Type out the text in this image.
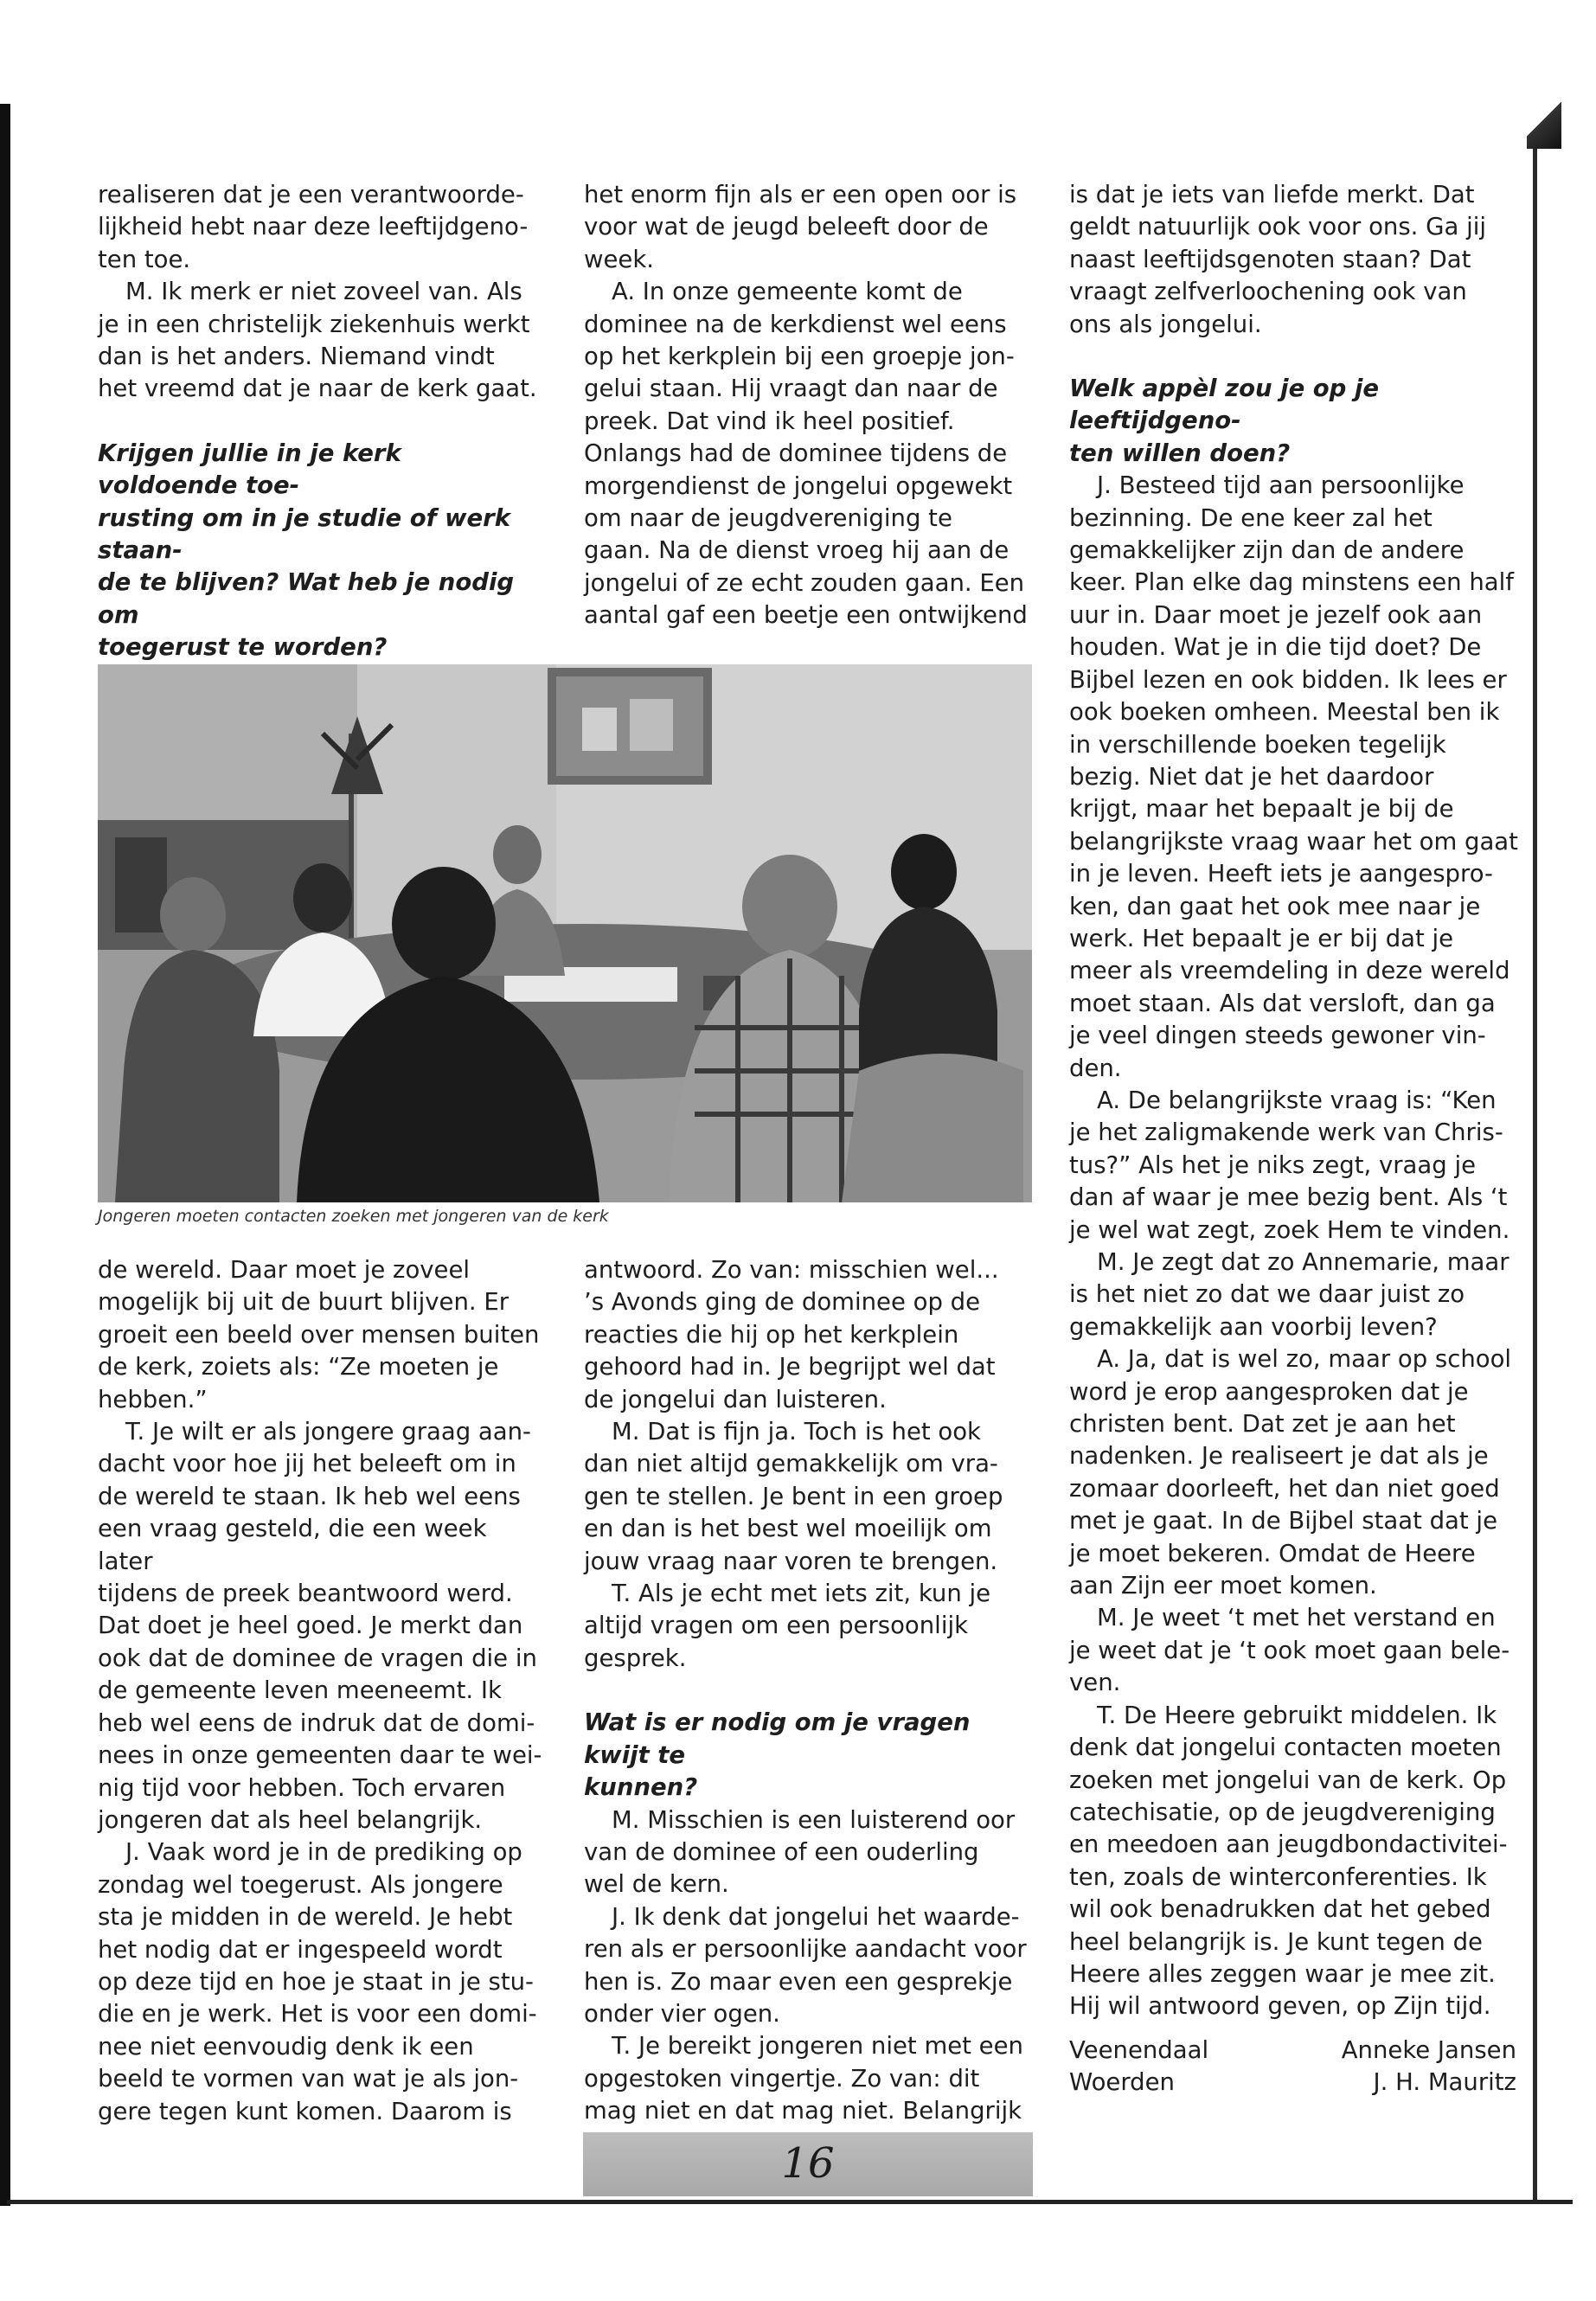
realiseren dat je een verantwoorde-

lijkheid hebt naar deze leeftijdgeno-

ten toe.

M. Ik merk er niet zoveel van. Als

je in een christelijk ziekenhuis werkt

dan is het anders. Niemand vindt

het vreemd dat je naar de kerk gaat.

Krijgen jullie in je kerk voldoende toe-

rusting om in je studie of werk staan-

de te blijven? Wat heb je nodig om

toegerust te worden?

het enorm fijn als er een open oor is

voor wat de jeugd beleeft door de

week.

A. In onze gemeente komt de

dominee na de kerkdienst wel eens

op het kerkplein bij een groepje jon-

gelui staan. Hij vraagt dan naar de

preek. Dat vind ik heel positief.

Onlangs had de dominee tijdens de

morgendienst de jongelui opgewekt

om naar de jeugdvereniging te

gaan. Na de dienst vroeg hij aan de

jongelui of ze echt zouden gaan. Een

aantal gaf een beetje een ontwijkend

Jongeren moeten contacten zoeken met jongeren van de kerk

de wereld. Daar moet je zoveel

mogelijk bij uit de buurt blijven. Er

groeit een beeld over mensen buiten

de kerk, zoiets als: “Ze moeten je

hebben.”

T. Je wilt er als jongere graag aan-

dacht voor hoe jij het beleeft om in

de wereld te staan. Ik heb wel eens

een vraag gesteld, die een week later

tijdens de preek beantwoord werd.

Dat doet je heel goed. Je merkt dan

ook dat de dominee de vragen die in

de gemeente leven meeneemt. Ik

heb wel eens de indruk dat de domi-

nees in onze gemeenten daar te wei-

nig tijd voor hebben. Toch ervaren

jongeren dat als heel belangrijk.

J. Vaak word je in de prediking op

zondag wel toegerust. Als jongere

sta je midden in de wereld. Je hebt

het nodig dat er ingespeeld wordt

op deze tijd en hoe je staat in je stu-

die en je werk. Het is voor een domi-

nee niet eenvoudig denk ik een

beeld te vormen van wat je als jon-

gere tegen kunt komen. Daarom is

antwoord. Zo van: misschien wel...

’s Avonds ging de dominee op de

reacties die hij op het kerkplein

gehoord had in. Je begrijpt wel dat

de jongelui dan luisteren.

M. Dat is fijn ja. Toch is het ook

dan niet altijd gemakkelijk om vra-

gen te stellen. Je bent in een groep

en dan is het best wel moeilijk om

jouw vraag naar voren te brengen.

T. Als je echt met iets zit, kun je

altijd vragen om een persoonlijk

gesprek.

Wat is er nodig om je vragen kwijt te

kunnen?

M. Misschien is een luisterend oor

van de dominee of een ouderling

wel de kern.

J. Ik denk dat jongelui het waarde-

ren als er persoonlijke aandacht voor

hen is. Zo maar even een gesprekje

onder vier ogen.

T. Je bereikt jongeren niet met een

opgestoken vingertje. Zo van: dit

mag niet en dat mag niet. Belangrijk

is dat je iets van liefde merkt. Dat

geldt natuurlijk ook voor ons. Ga jij

naast leeftijdsgenoten staan? Dat

vraagt zelfverloochening ook van

ons als jongelui.

Welk appèl zou je op je leeftijdgeno-

ten willen doen?

J. Besteed tijd aan persoonlijke

bezinning. De ene keer zal het

gemakkelijker zijn dan de andere

keer. Plan elke dag minstens een half

uur in. Daar moet je jezelf ook aan

houden. Wat je in die tijd doet? De

Bijbel lezen en ook bidden. Ik lees er

ook boeken omheen. Meestal ben ik

in verschillende boeken tegelijk

bezig. Niet dat je het daardoor

krijgt, maar het bepaalt je bij de

belangrijkste vraag waar het om gaat

in je leven. Heeft iets je aangespro-

ken, dan gaat het ook mee naar je

werk. Het bepaalt je er bij dat je

meer als vreemdeling in deze wereld

moet staan. Als dat versloft, dan ga

je veel dingen steeds gewoner vin-

den.

A. De belangrijkste vraag is: “Ken

je het zaligmakende werk van Chris-

tus?” Als het je niks zegt, vraag je

dan af waar je mee bezig bent. Als ‘t

je wel wat zegt, zoek Hem te vinden.

M. Je zegt dat zo Annemarie, maar

is het niet zo dat we daar juist zo

gemakkelijk aan voorbij leven?

A. Ja, dat is wel zo, maar op school

word je erop aangesproken dat je

christen bent. Dat zet je aan het

nadenken. Je realiseert je dat als je

zomaar doorleeft, het dan niet goed

met je gaat. In de Bijbel staat dat je

je moet bekeren. Omdat de Heere

aan Zijn eer moet komen.

M. Je weet ‘t met het verstand en

je weet dat je ‘t ook moet gaan bele-

ven.

T. De Heere gebruikt middelen. Ik

denk dat jongelui contacten moeten

zoeken met jongelui van de kerk. Op

catechisatie, op de jeugdvereniging

en meedoen aan jeugdbondactivitei-

ten, zoals de winterconferenties. Ik

wil ook benadrukken dat het gebed

heel belangrijk is. Je kunt tegen de

Heere alles zeggen waar je mee zit.

Hij wil antwoord geven, op Zijn tijd.

Veenendaal
Woerden
Anneke Jansen
J. H. Mauritz
16
